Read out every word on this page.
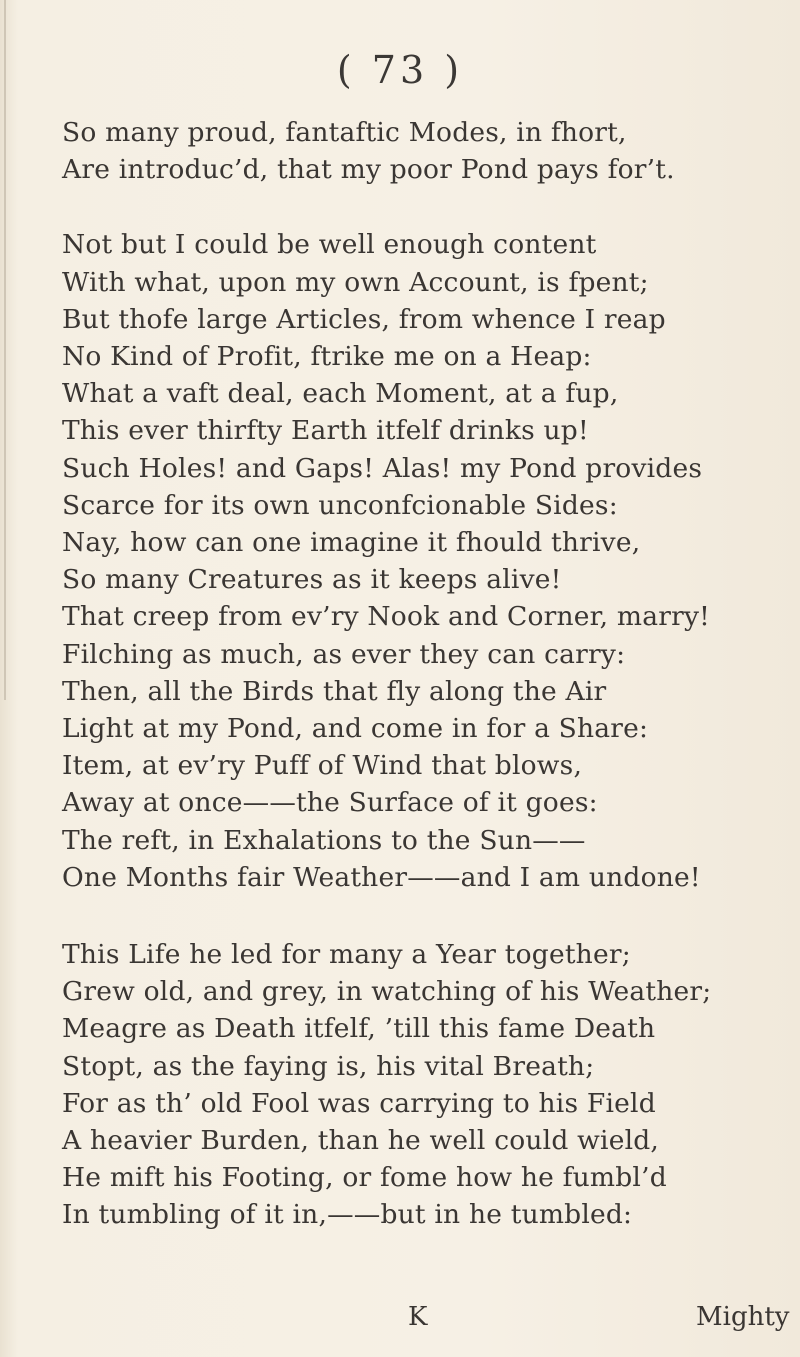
( 73 )
So many proud, fantaftic Modes, in fhort,
Are introduc’d, that my poor Pond pays for’t.
Not but I could be well enough content
With what, upon my own Account, is fpent;
But thofe large Articles, from whence I reap
No Kind of Profit, ftrike me on a Heap:
What a vaft deal, each Moment, at a fup,
This ever thirfty Earth itfelf drinks up!
Such Holes! and Gaps! Alas! my Pond provides
Scarce for its own unconfcionable Sides:
Nay, how can one imagine it fhould thrive,
So many Creatures as it keeps alive!
That creep from ev’ry Nook and Corner, marry!
Filching as much, as ever they can carry:
Then, all the Birds that fly along the Air
Light at my Pond, and come in for a Share:
Item, at ev’ry Puff of Wind that blows,
Away at once——the Surface of it goes:
The reft, in Exhalations to the Sun——
One Months fair Weather——and I am undone!
This Life he led for many a Year together;
Grew old, and grey, in watching of his Weather;
Meagre as Death itfelf, ’till this fame Death
Stopt, as the faying is, his vital Breath;
For as th’ old Fool was carrying to his Field
A heavier Burden, than he well could wield,
He mift his Footing, or fome how he fumbl’d
In tumbling of it in,——but in he tumbled:
K	Mighty
